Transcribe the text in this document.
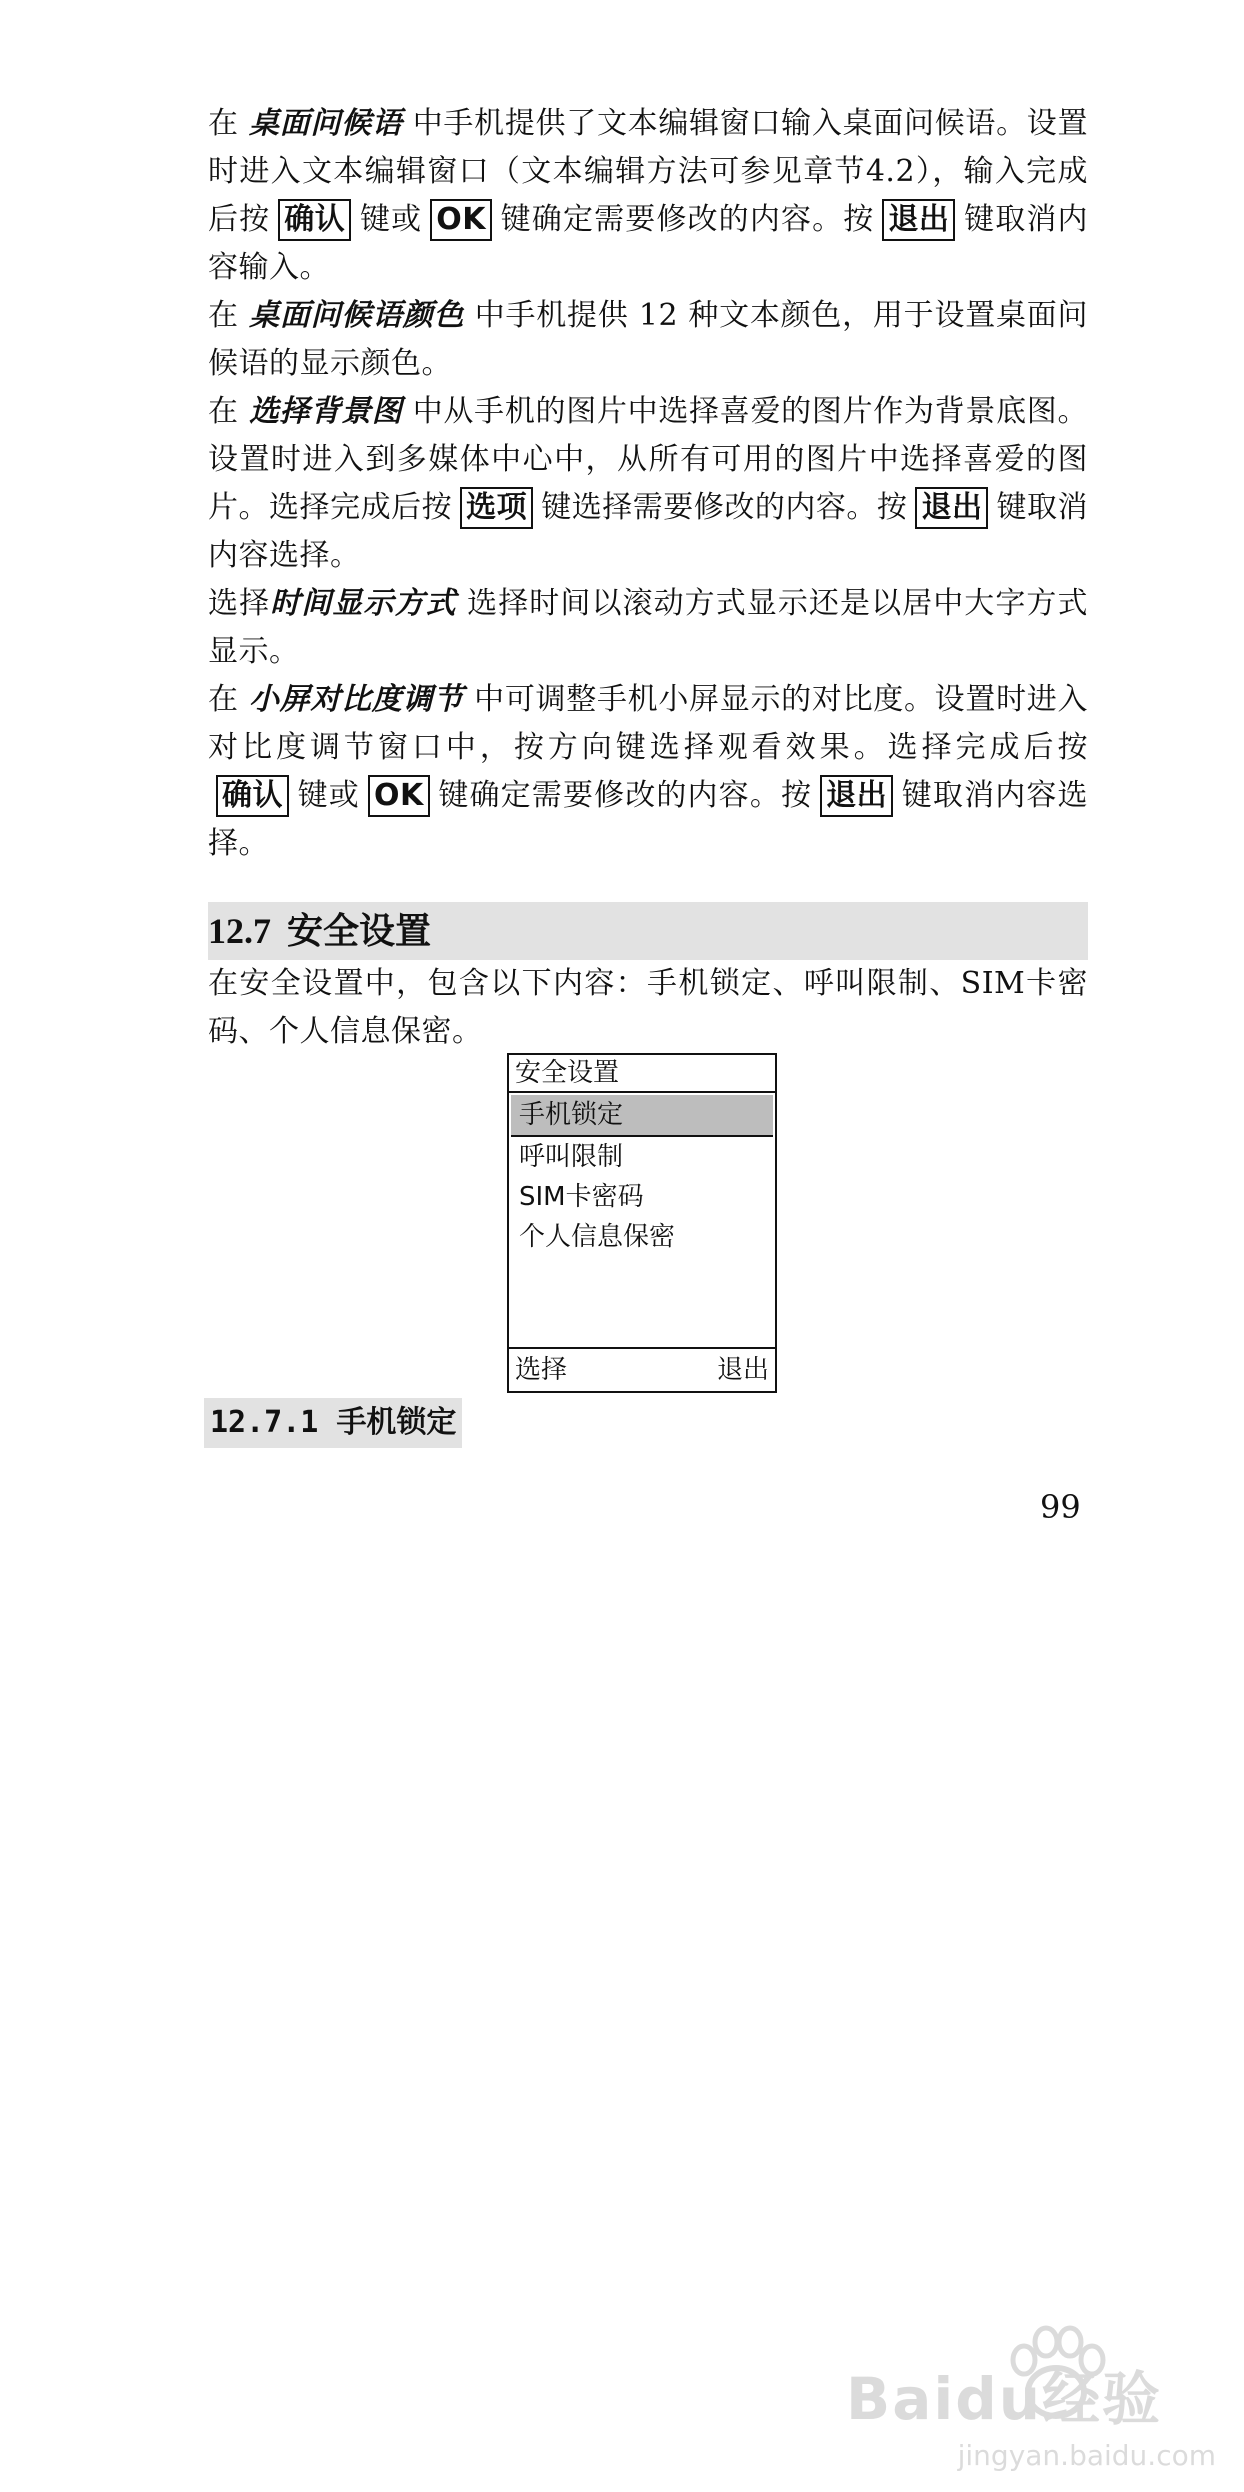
在 桌面问候语 中手机提供了文本编辑窗口输入桌面问候语。设置时进入文本编辑窗口（文本编辑方法可参见章节4.2），输入完成后按 确认 键或 OK 键确定需要修改的内容。按 退出 键取消内容输入。

在 桌面问候语颜色 中手机提供 12 种文本颜色，用于设置桌面问候语的显示颜色。

在 选择背景图 中从手机的图片中选择喜爱的图片作为背景底图。设置时进入到多媒体中心中，从所有可用的图片中选择喜爱的图片。选择完成后按 选项 键选择需要修改的内容。按 退出 键取消内容选择。

选择时间显示方式 选择时间以滚动方式显示还是以居中大字方式显示。

在 小屏对比度调节 中可调整手机小屏显示的对比度。设置时进入对比度调节窗口中，按方向键选择观看效果。选择完成后按确认 键或 OK 键确定需要修改的内容。按 退出 键取消内容选择。

12.7 安全设置

在安全设置中，包含以下内容：手机锁定、呼叫限制、SIM卡密码、个人信息保密。

安全设置
手机锁定
呼叫限制
SIM卡密码
个人信息保密
选择	退出
12.7.1 手机锁定
99
Baidu经验
jingyan.baidu.com
